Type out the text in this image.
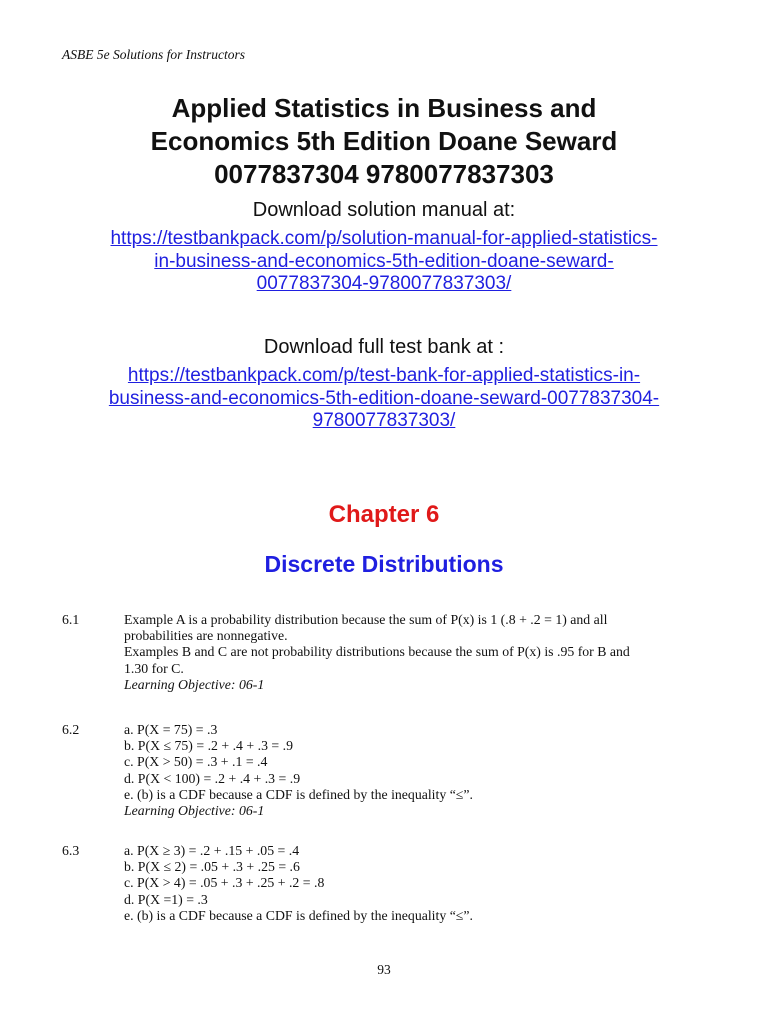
ASBE 5e Solutions for Instructors
Applied Statistics in Business and
Economics 5th Edition Doane Seward
0077837304 9780077837303
Download solution manual at:
https://testbankpack.com/p/solution-manual-for-applied-statistics-
in-business-and-economics-5th-edition-doane-seward-
0077837304-9780077837303/
Download full test bank at :
https://testbankpack.com/p/test-bank-for-applied-statistics-in-
business-and-economics-5th-edition-doane-seward-0077837304-
9780077837303/
Chapter 6
Discrete Distributions
6.1	Example A is a probability distribution because the sum of P(x) is 1 (.8 + .2 = 1) and all
probabilities are nonnegative.
Examples B and C are not probability distributions because the sum of P(x) is .95 for B and
1.30 for C.
Learning Objective: 06-1
6.2	a. P(X = 75) = .3
b. P(X ≤ 75) = .2 + .4 + .3 = .9
c. P(X > 50) = .3 + .1 = .4
d. P(X < 100) = .2 + .4 + .3 = .9
e. (b) is a CDF because a CDF is defined by the inequality “≤”.
Learning Objective: 06-1
6.3	a. P(X ≥ 3) = .2 + .15 + .05 = .4
b. P(X ≤ 2) = .05 + .3 + .25 = .6
c. P(X > 4) = .05 + .3 + .25 + .2 = .8
d. P(X =1) = .3
e. (b) is a CDF because a CDF is defined by the inequality “≤”.
93
